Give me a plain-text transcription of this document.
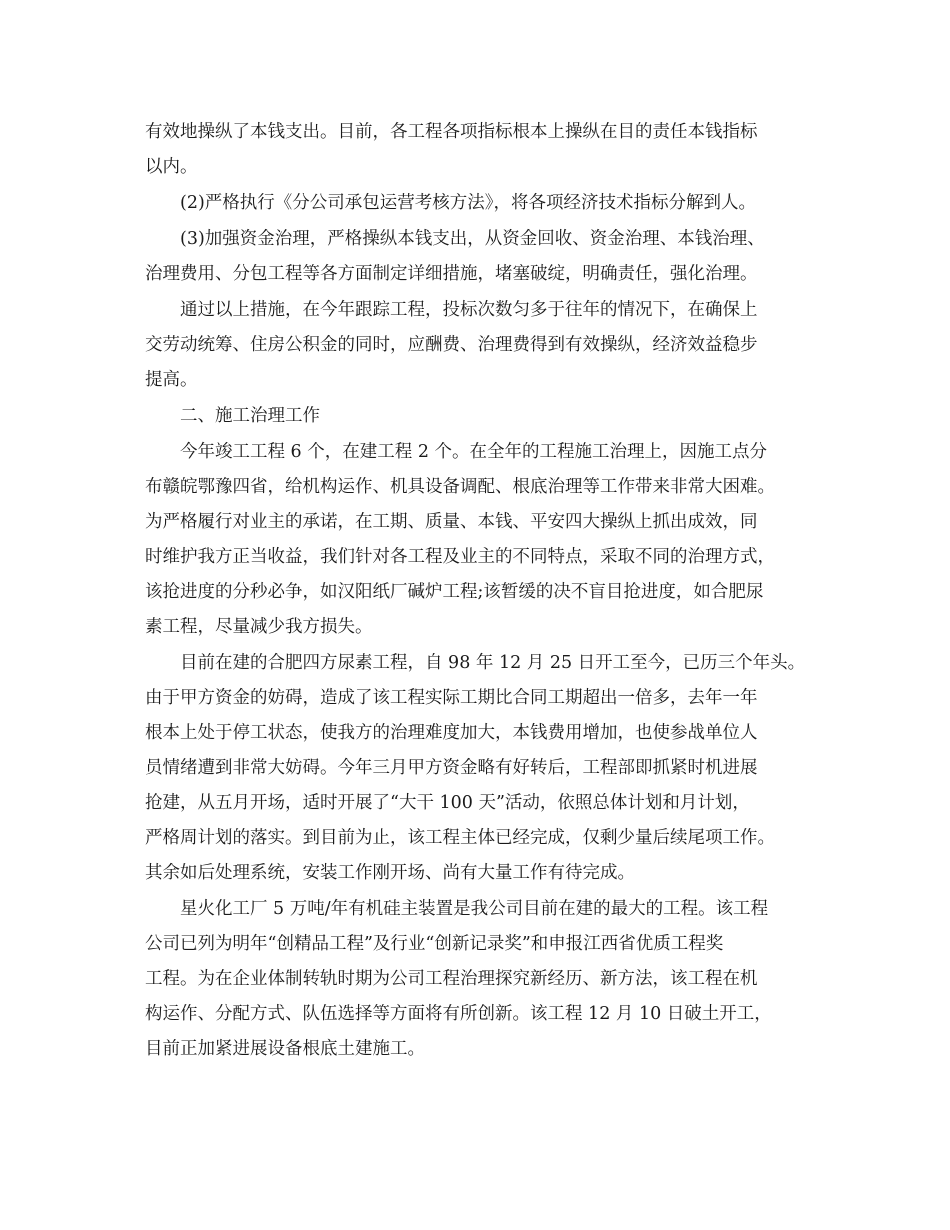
有效地操纵了本钱支出。目前，各工程各项指标根本上操纵在目的责任本钱指标
以内。
(2)严格执行《分公司承包运营考核方法》，将各项经济技术指标分解到人。
(3)加强资金治理，严格操纵本钱支出，从资金回收、资金治理、本钱治理、
治理费用、分包工程等各方面制定详细措施，堵塞破绽，明确责任，强化治理。
通过以上措施，在今年跟踪工程，投标次数匀多于往年的情况下，在确保上
交劳动统筹、住房公积金的同时，应酬费、治理费得到有效操纵，经济效益稳步
提高。
二、施工治理工作
今年竣工工程 6 个，在建工程 2 个。在全年的工程施工治理上，因施工点分
布赣皖鄂豫四省，给机构运作、机具设备调配、根底治理等工作带来非常大困难。
为严格履行对业主的承诺，在工期、质量、本钱、平安四大操纵上抓出成效，同
时维护我方正当收益，我们针对各工程及业主的不同特点，采取不同的治理方式，
该抢进度的分秒必争，如汉阳纸厂碱炉工程;该暂缓的决不盲目抢进度，如合肥尿
素工程，尽量减少我方损失。
目前在建的合肥四方尿素工程，自 98 年 12 月 25 日开工至今，已历三个年头。
由于甲方资金的妨碍，造成了该工程实际工期比合同工期超出一倍多，去年一年
根本上处于停工状态，使我方的治理难度加大，本钱费用增加，也使参战单位人
员情绪遭到非常大妨碍。今年三月甲方资金略有好转后，工程部即抓紧时机进展
抢建，从五月开场，适时开展了“大干 100 天”活动，依照总体计划和月计划，
严格周计划的落实。到目前为止，该工程主体已经完成，仅剩少量后续尾项工作。
其余如后处理系统，安装工作刚开场、尚有大量工作有待完成。
星火化工厂 5 万吨/年有机硅主装置是我公司目前在建的最大的工程。该工程
公司已列为明年“创精品工程”及行业“创新记录奖”和申报江西省优质工程奖
工程。为在企业体制转轨时期为公司工程治理探究新经历、新方法，该工程在机
构运作、分配方式、队伍选择等方面将有所创新。该工程 12 月 10 日破土开工，
目前正加紧进展设备根底土建施工。
